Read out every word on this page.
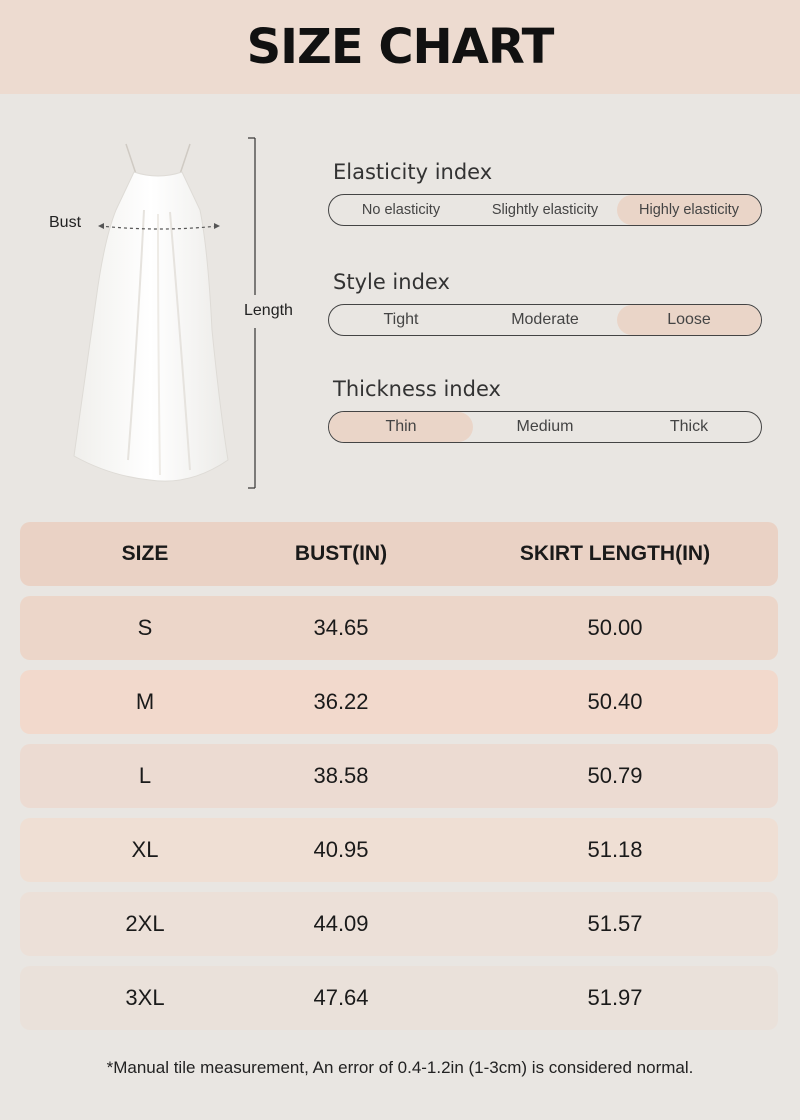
SIZE CHART
Bust
Length
Elasticity index
No elasticity	Slightly elasticity	Highly elasticity
Style index
Tight	Moderate	Loose
Thickness index
Thin	Medium	Thick
SIZE	BUST(IN)	SKIRT LENGTH(IN)
S	34.65	50.00
M	36.22	50.40
L	38.58	50.79
XL	40.95	51.18
2XL	44.09	51.57
3XL	47.64	51.97
*Manual tile measurement, An error of 0.4-1.2in (1-3cm) is considered normal.
